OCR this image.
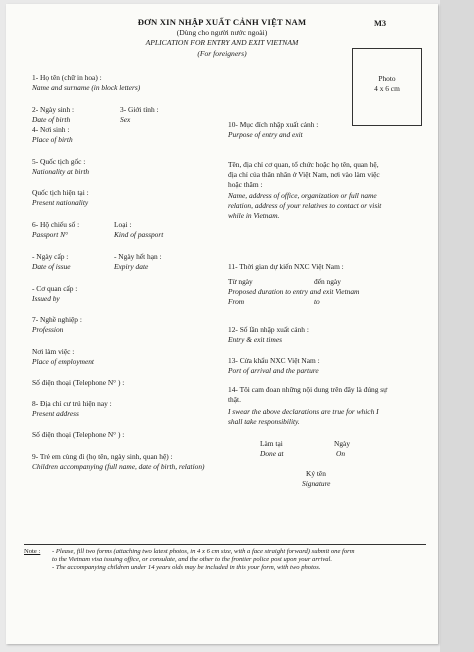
ĐƠN XIN NHẬP XUẤT CẢNH VIỆT NAM	M3
(Dùng cho người nước ngoài)
APLICATION FOR ENTRY AND EXIT VIETNAM
(For foreigners)
Photo
4 x 6 cm
1- Họ tên (chữ in hoa) :
Name and surname (in block letters)
2- Ngày sinh :
Date of birth
3- Giới tính :
Sex
4- Nơi sinh :
Place of birth
5- Quốc tịch gốc :
Nationality at birth
Quốc tịch hiện tại :
Present nationality
6- Hộ chiếu số :
Passport N°
Loại :
Kind of passport
- Ngày cấp :
Date of issue
- Ngày hết hạn :
Expiry date
- Cơ quan cấp :
Issued by
7- Nghề nghiệp :
Profession
Nơi làm việc :
Place of employment
Số điện thoại (Telephone N° ) :
8- Địa chỉ cư trú hiện nay :
Present address
Số điện thoại (Telephone N° ) :
9- Trẻ em cùng đi (họ tên, ngày sinh, quan hệ) :
Children accompanying (full name, date of birth, relation)
10- Mục đích nhập xuất cảnh :
Purpose of entry and exit
Tên, địa chỉ cơ quan, tổ chức hoặc họ tên, quan hệ,
địa chỉ của thân nhân ở Việt Nam, nơi vào làm việc
hoặc thăm :
Name, address of office, organization or full name
relation, address of your relatives to contact or visit
while in Vietnam.
11- Thời gian dự kiến NXC Việt Nam :
Từ ngày	đến ngày
Proposed duration to entry and exit Vietnam
From	to
12- Số lần nhập xuất cảnh :
Entry & exit times
13- Cửa khẩu NXC Việt Nam :
Port of arrival and the parture
14- Tôi cam đoan những nội dung trên đây là đúng sự
thật.
I swear the above declarations are true for which I
shall take responsibility.
Làm tại	Ngày
Done at	On
Ký tên
Signature
Note : - Please, fill two forms (attaching two latest photos, in 4 x 6 cm size, with a face straight forward) submit one form
to the Vietnam visa issuing office, or consulate, and the other to the frontier police post upon your arrival.
- The accompanying children under 14 years olds may be included in this your form, with two photos.
